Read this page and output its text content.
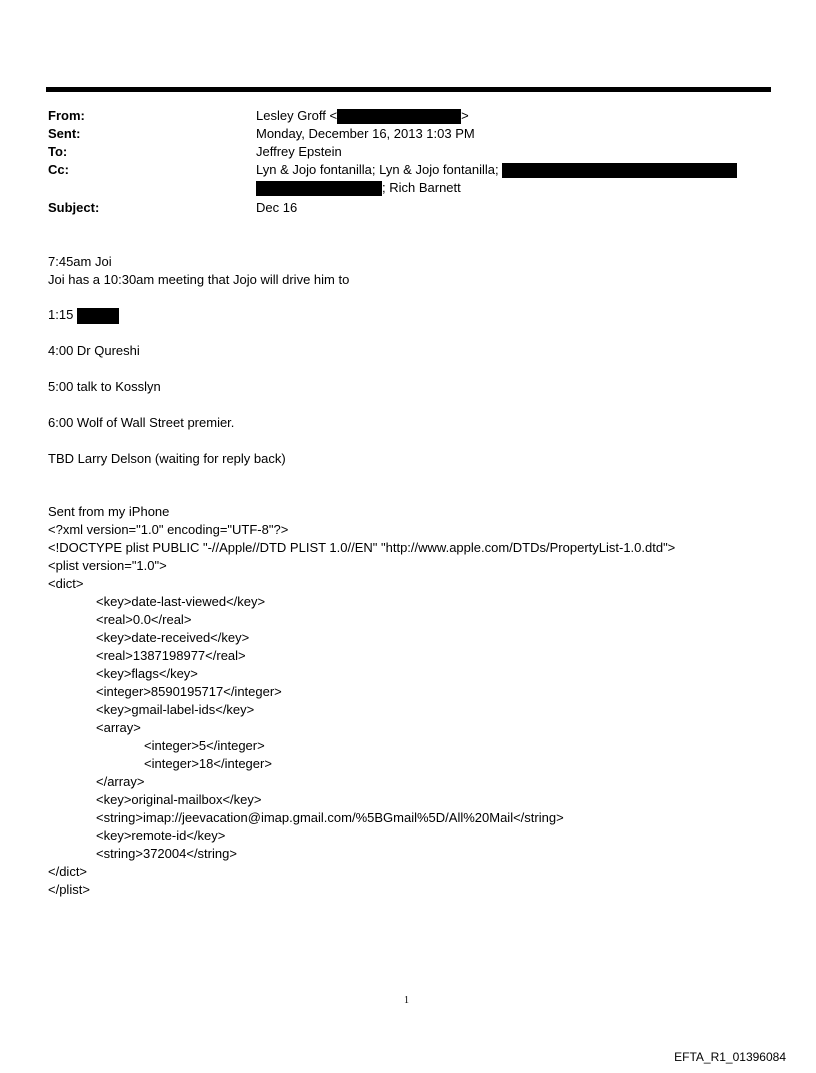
From:	Lesley Groff <	>
Sent:	Monday, December 16, 2013 1:03 PM
To:	Jeffrey Epstein
Cc:	Lyn & Jojo fontanilla; Lyn & Jojo fontanilla;
; Rich Barnett
Subject:	Dec 16
7:45am Joi
Joi has a 10:30am meeting that Jojo will drive him to
1:15
4:00 Dr Qureshi
5:00 talk to Kosslyn
6:00 Wolf of Wall Street premier.
TBD Larry Delson (waiting for reply back)
Sent from my iPhone
<?xml version="1.0" encoding="UTF-8"?>
<!DOCTYPE plist PUBLIC "-//Apple//DTD PLIST 1.0//EN" "http://www.apple.com/DTDs/PropertyList-1.0.dtd">
<plist version="1.0">
<dict>
<key>date-last-viewed</key>
<real>0.0</real>
<key>date-received</key>
<real>1387198977</real>
<key>flags</key>
<integer>8590195717</integer>
<key>gmail-label-ids</key>
<array>
<integer>5</integer>
<integer>18</integer>
</array>
<key>original-mailbox</key>
<string>imap://jeevacation@imap.gmail.com/%5BGmail%5D/All%20Mail</string>
<key>remote-id</key>
<string>372004</string>
</dict>
</plist>
1
EFTA_R1_01396084
